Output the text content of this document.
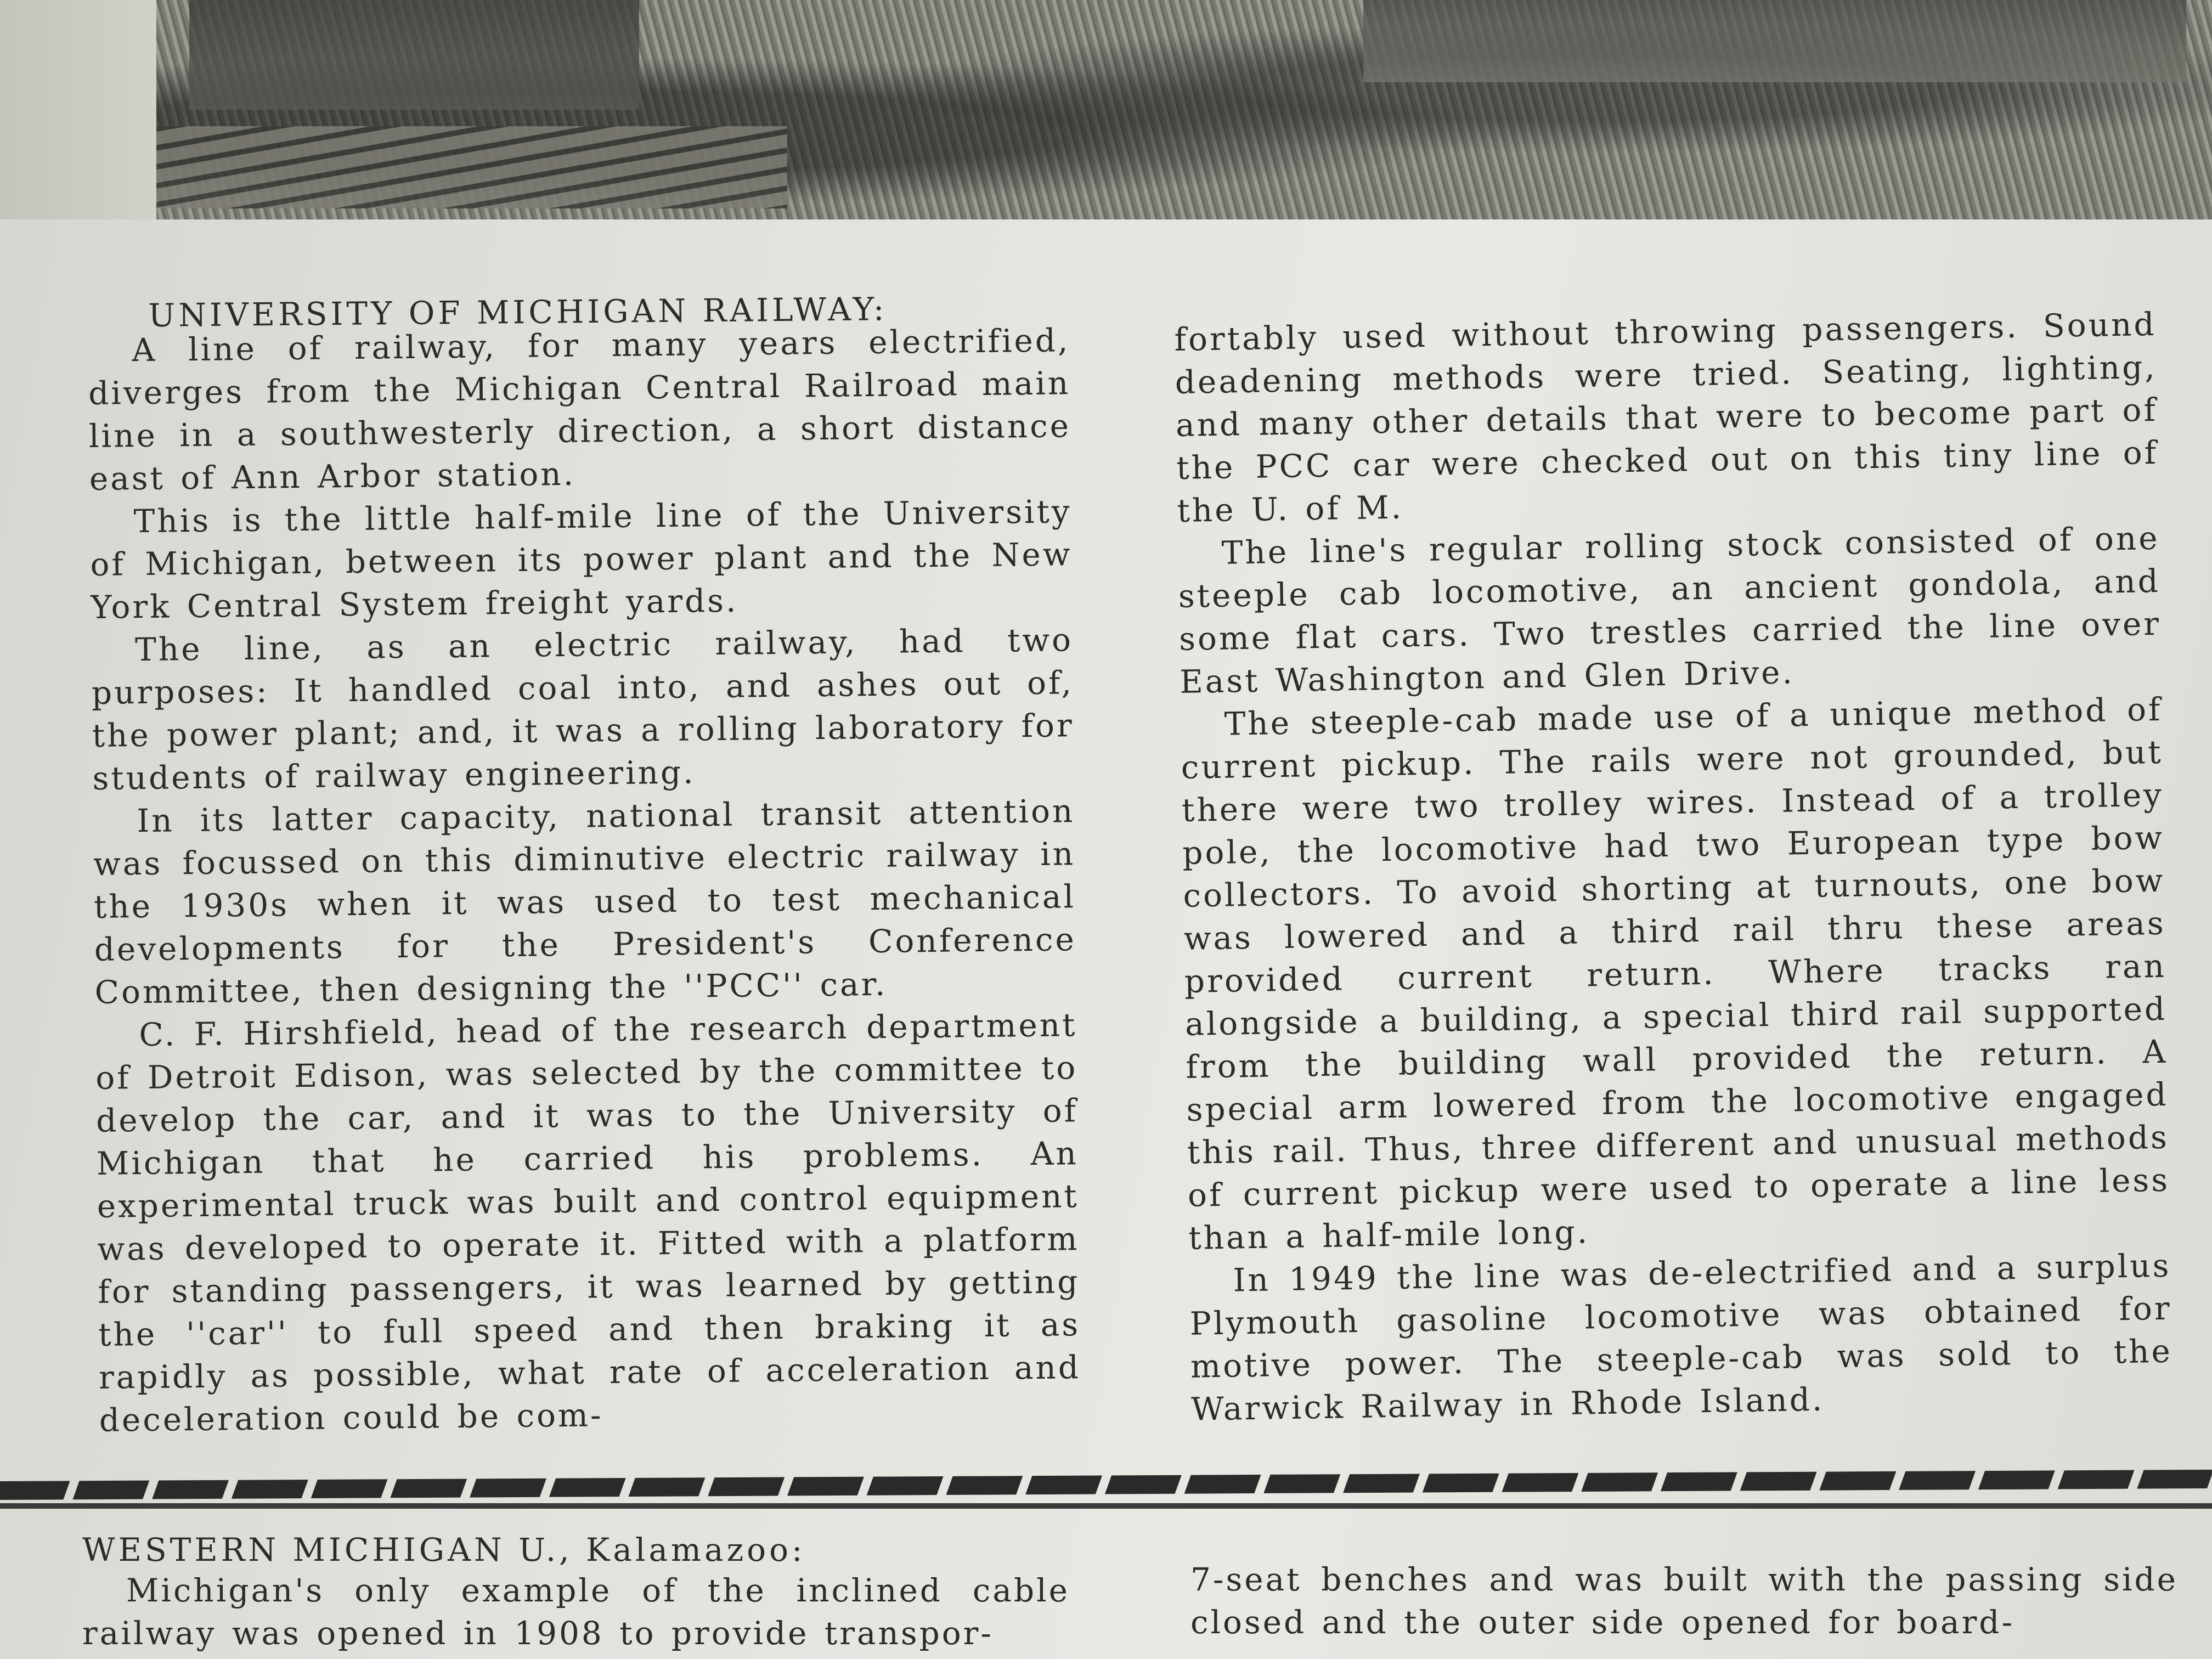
UNIVERSITY OF MICHIGAN RAILWAY:

A line of railway, for many years electrified, diverges from the Michigan Central Railroad main line in a southwesterly direction, a short distance east of Ann Arbor station.

This is the little half-mile line of the University of Michigan, between its power plant and the New York Central System freight yards.

The line, as an electric railway, had two purposes: It handled coal into, and ashes out of, the power plant; and, it was a rolling laboratory for students of railway engineering.

In its latter capacity, national transit attention was focussed on this diminutive electric railway in the 1930s when it was used to test mechanical developments for the President's Conference Committee, then designing the ''PCC'' car.

C. F. Hirshfield, head of the research department of Detroit Edison, was selected by the committee to develop the car, and it was to the University of Michigan that he carried his problems. An experimental truck was built and control equipment was developed to operate it. Fitted with a platform for standing passengers, it was learned by getting the ''car'' to full speed and then braking it as rapidly as possible, what rate of acceleration and deceleration could be com-

fortably used without throwing passengers. Sound deadening methods were tried. Seating, lighting, and many other details that were to become part of the PCC car were checked out on this tiny line of the U. of M.

The line's regular rolling stock consisted of one steeple cab locomotive, an ancient gondola, and some flat cars. Two trestles carried the line over East Washington and Glen Drive.

The steeple-cab made use of a unique method of current pickup. The rails were not grounded, but there were two trolley wires. Instead of a trolley pole, the locomotive had two European type bow collectors. To avoid shorting at turnouts, one bow was lowered and a third rail thru these areas provided current return. Where tracks ran alongside a building, a special third rail supported from the building wall provided the return. A special arm lowered from the locomotive engaged this rail. Thus, three different and unusual methods of current pickup were used to operate a line less than a half-mile long.

In 1949 the line was de-electrified and a surplus Plymouth gasoline locomotive was obtained for motive power. The steeple-cab was sold to the Warwick Railway in Rhode Island.

WESTERN MICHIGAN U., Kalamazoo:

Michigan's only example of the inclined cable railway was opened in 1908 to provide transpor-

7-seat benches and was built with the passing side closed and the outer side opened for board-
